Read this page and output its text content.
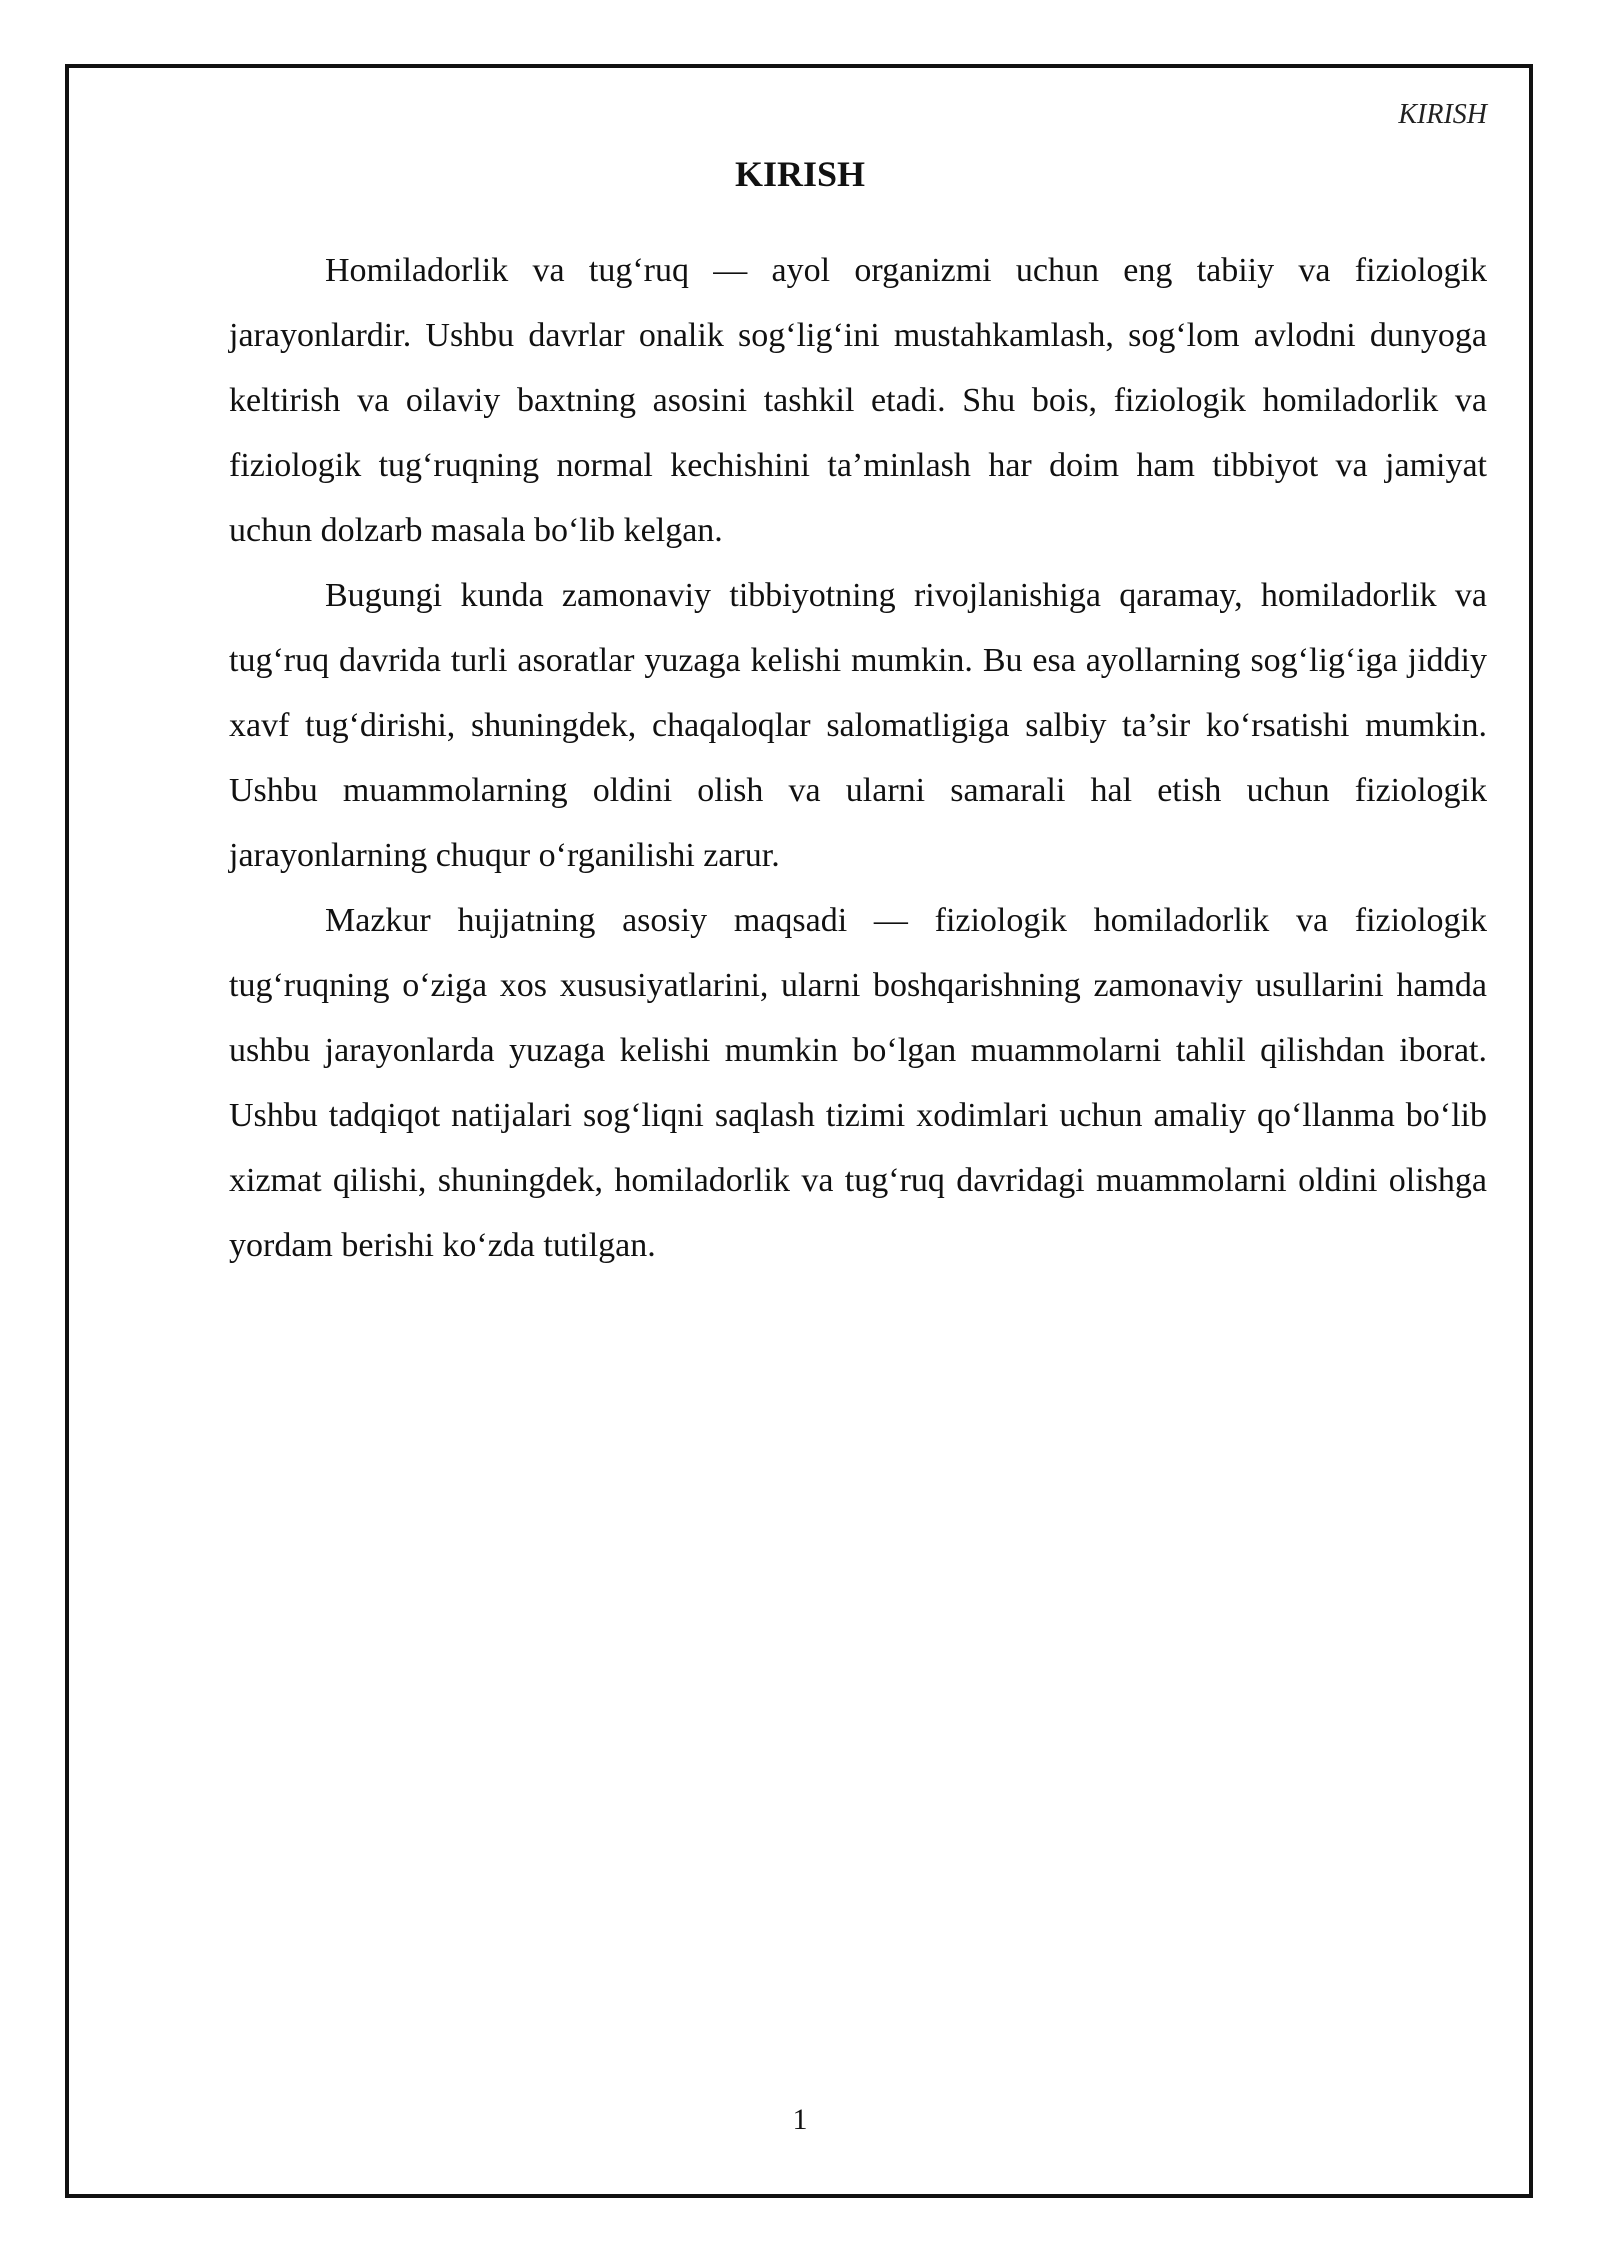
KIRISH
KIRISH

Homiladorlik va tug‘ruq — ayol organizmi uchun eng tabiiy va fiziologik jarayonlardir. Ushbu davrlar onalik sog‘lig‘ini mustahkamlash, sog‘lom avlodni dunyoga keltirish va oilaviy baxtning asosini tashkil etadi. Shu bois, fiziologik homiladorlik va fiziologik tug‘ruqning normal kechishini ta’minlash har doim ham tibbiyot va jamiyat uchun dolzarb masala bo‘lib kelgan.

Bugungi kunda zamonaviy tibbiyotning rivojlanishiga qaramay, homiladorlik va tug‘ruq davrida turli asoratlar yuzaga kelishi mumkin. Bu esa ayollarning sog‘lig‘iga jiddiy xavf tug‘dirishi, shuningdek, chaqaloqlar salomatligiga salbiy ta’sir ko‘rsatishi mumkin. Ushbu muammolarning oldini olish va ularni samarali hal etish uchun fiziologik jarayonlarning chuqur o‘rganilishi zarur.

Mazkur hujjatning asosiy maqsadi — fiziologik homiladorlik va fiziologik tug‘ruqning o‘ziga xos xususiyatlarini, ularni boshqarishning zamonaviy usullarini hamda ushbu jarayonlarda yuzaga kelishi mumkin bo‘lgan muammolarni tahlil qilishdan iborat. Ushbu tadqiqot natijalari sog‘liqni saqlash tizimi xodimlari uchun amaliy qo‘llanma bo‘lib xizmat qilishi, shuningdek, homiladorlik va tug‘ruq davridagi muammolarni oldini olishga yordam berishi ko‘zda tutilgan.

1
